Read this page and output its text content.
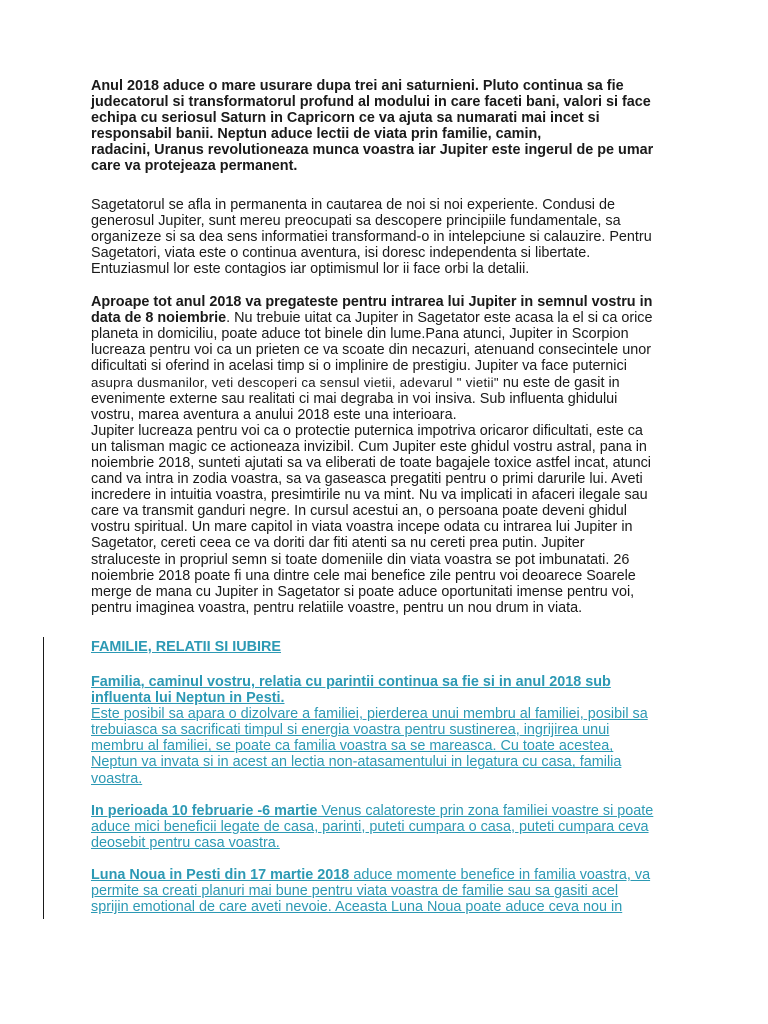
Anul 2018 aduce o mare usurare dupa trei ani saturnieni. Pluto continua sa fie

judecatorul si transformatorul profund al modului in care faceti bani, valori si face

echipa cu seriosul Saturn in Capricorn ce va ajuta sa numarati mai incet si

responsabil banii. Neptun aduce lectii de viata prin familie, camin,

radacini, Uranus revolutioneaza munca voastra iar Jupiter este ingerul de pe umar

care va protejeaza permanent.

Sagetatorul se afla in permanenta in cautarea de noi si noi experiente. Condusi de

generosul Jupiter, sunt mereu preocupati sa descopere principiile fundamentale, sa

organizeze si sa dea sens informatiei transformand-o in intelepciune si calauzire. Pentru

Sagetatori, viata este o continua aventura, isi doresc independenta si libertate.

Entuziasmul lor este contagios iar optimismul lor ii face orbi la detalii.

Aproape tot anul 2018 va pregateste pentru intrarea lui Jupiter in semnul vostru in

data de 8 noiembrie. Nu trebuie uitat ca Jupiter in Sagetator este acasa la el si ca orice

planeta in domiciliu, poate aduce tot binele din lume.Pana atunci, Jupiter in Scorpion

lucreaza pentru voi ca un prieten ce va scoate din necazuri, atenuand consecintele unor

dificultati si oferind in acelasi timp si o implinire de prestigiu. Jupiter va face puternici

asupra dusmanilor, veti descoperi ca sensul vietii, adevarul " vietii" nu este de gasit in

evenimente externe sau realitati ci mai degraba in voi insiva. Sub influenta ghidului

vostru, marea aventura a anului 2018 este una interioara.

Jupiter lucreaza pentru voi ca o protectie puternica impotriva oricaror dificultati, este ca

un talisman magic ce actioneaza invizibil. Cum Jupiter este ghidul vostru astral, pana in

noiembrie 2018, sunteti ajutati sa va eliberati de toate bagajele toxice astfel incat, atunci

cand va intra in zodia voastra, sa va gaseasca pregatiti pentru o primi darurile lui. Aveti

incredere in intuitia voastra, presimtirile nu va mint. Nu va implicati in afaceri ilegale sau

care va transmit ganduri negre. In cursul acestui an, o persoana poate deveni ghidul

vostru spiritual. Un mare capitol in viata voastra incepe odata cu intrarea lui Jupiter in

Sagetator, cereti ceea ce va doriti dar fiti atenti sa nu cereti prea putin. Jupiter

straluceste in propriul semn si toate domeniile din viata voastra se pot imbunatati. 26

noiembrie 2018 poate fi una dintre cele mai benefice zile pentru voi deoarece Soarele

merge de mana cu Jupiter in Sagetator si poate aduce oportunitati imense pentru voi,

pentru imaginea voastra, pentru relatiile voastre, pentru un nou drum in viata.

FAMILIE, RELATII SI IUBIRE

Familia, caminul vostru, relatia cu parintii continua sa fie si in anul 2018 sub

influenta lui Neptun in Pesti.

Este posibil sa apara o dizolvare a familiei, pierderea unui membru al familiei, posibil sa

trebuiasca sa sacrificati timpul si energia voastra pentru sustinerea, ingrijirea unui

membru al familiei, se poate ca familia voastra sa se mareasca. Cu toate acestea,

Neptun va invata si in acest an lectia non-atasamentului in legatura cu casa, familia

voastra.

In perioada 10 februarie -6 martie Venus calatoreste prin zona familiei voastre si poate

aduce mici beneficii legate de casa, parinti, puteti cumpara o casa, puteti cumpara ceva

deosebit pentru casa voastra.

Luna Noua in Pesti din 17 martie 2018 aduce momente benefice in familia voastra, va

permite sa creati planuri mai bune pentru viata voastra de familie sau sa gasiti acel

sprijin emotional de care aveti nevoie. Aceasta Luna Noua poate aduce ceva nou in
